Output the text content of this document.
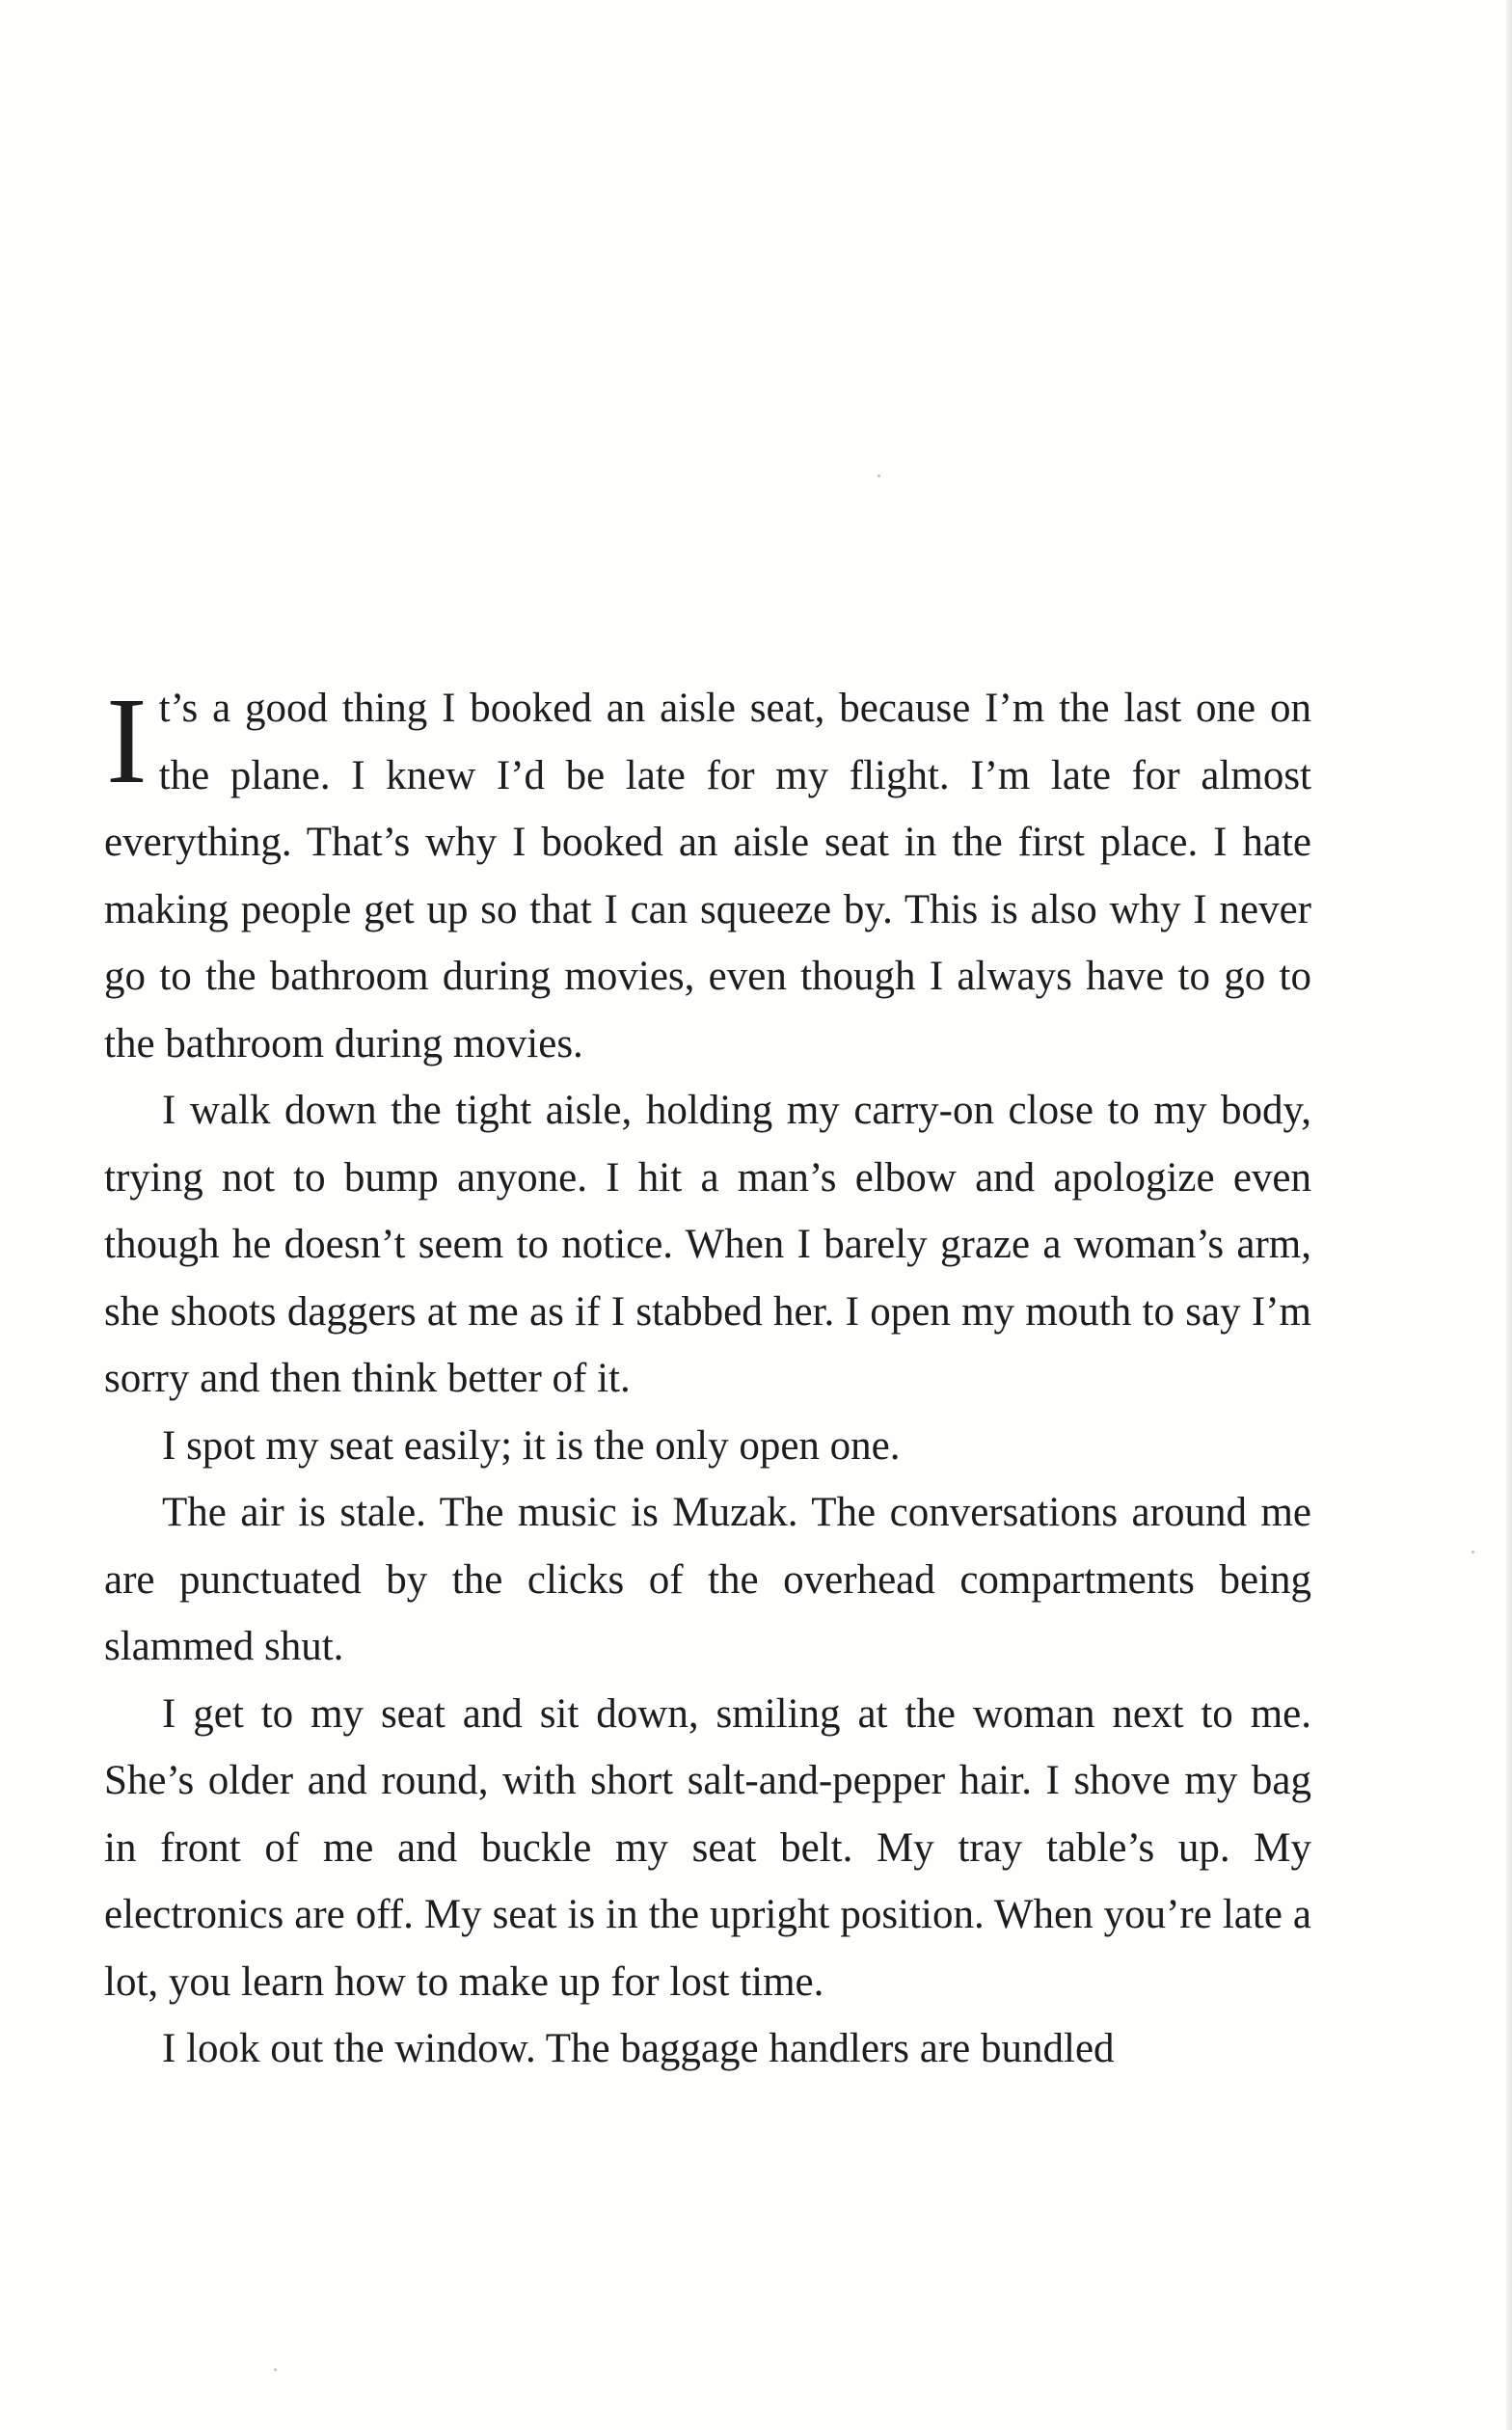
It’s a good thing I booked an aisle seat, because I’m the last one on the plane. I knew I’d be late for my flight. I’m late for almost everything. That’s why I booked an aisle seat in the first place. I hate making people get up so that I can squeeze by. This is also why I never go to the bathroom during movies, even though I always have to go to the bathroom during movies.

I walk down the tight aisle, holding my carry-on close to my body, trying not to bump anyone. I hit a man’s elbow and apologize even though he doesn’t seem to notice. When I barely graze a woman’s arm, she shoots daggers at me as if I stabbed her. I open my mouth to say I’m sorry and then think better of it.

I spot my seat easily; it is the only open one.

The air is stale. The music is Muzak. The conversations around me are punctuated by the clicks of the overhead compartments being slammed shut.

I get to my seat and sit down, smiling at the woman next to me. She’s older and round, with short salt-and-pepper hair. I shove my bag in front of me and buckle my seat belt. My tray table’s up. My electronics are off. My seat is in the upright position. When you’re late a lot, you learn how to make up for lost time.

I look out the window. The baggage handlers are bundled
